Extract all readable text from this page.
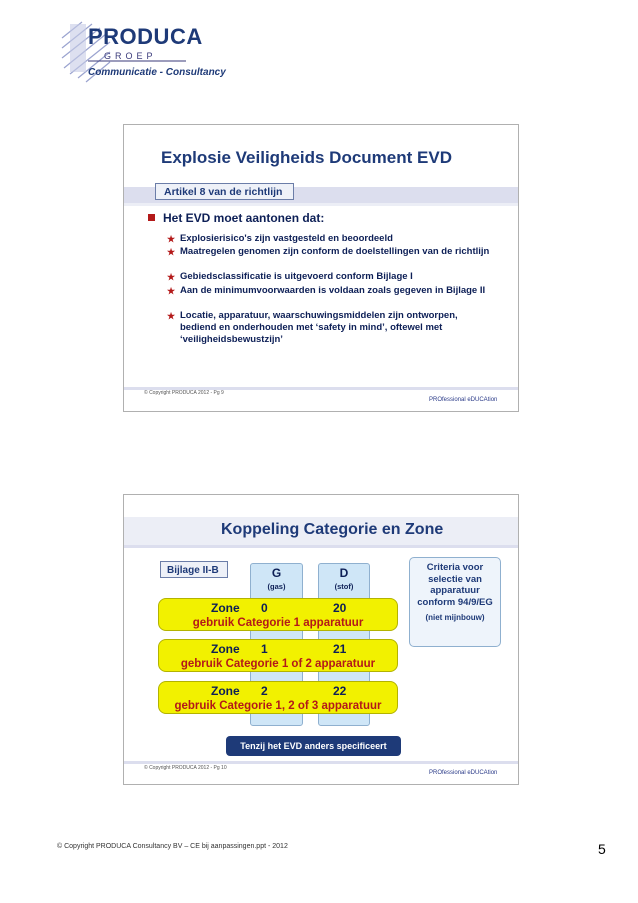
PRODUCA
GROEP
Communicatie - Consultancy
Explosie Veiligheids Document EVD
Artikel 8 van de richtlijn
Het EVD moet aantonen dat:
★ Explosierisico's zijn vastgesteld en beoordeeld
★ Maatregelen genomen zijn conform de doelstellingen van de richtlijn
★ Gebiedsclassificatie is uitgevoerd conform Bijlage I
★ Aan de minimumvoorwaarden is voldaan zoals gegeven in Bijlage II
★ Locatie, apparatuur, waarschuwingsmiddelen zijn ontworpen, bediend en onderhouden met ‘safety in mind’, oftewel met ‘veiligheidsbewustzijn’
© Copyright PRODUCA 2012 - Pg 9
PROfessional eDUCAtion
Koppeling Categorie en Zone
Bijlage II-B	G
(gas)
D
(stof)
Zone 0	20
gebruik Categorie 1 apparatuur
Zone 1	21
gebruik Categorie 1 of 2 apparatuur
Zone 2	22
gebruik Categorie 1, 2 of 3 apparatuur
Criteria voor selectie van apparatuur conform 94/9/EG
(niet mijnbouw)
Tenzij het EVD anders specificeert
© Copyright PRODUCA 2012 - Pg 10
PROfessional eDUCAtion
© Copyright PRODUCA Consultancy BV – CE bij aanpassingen.ppt - 2012	5
